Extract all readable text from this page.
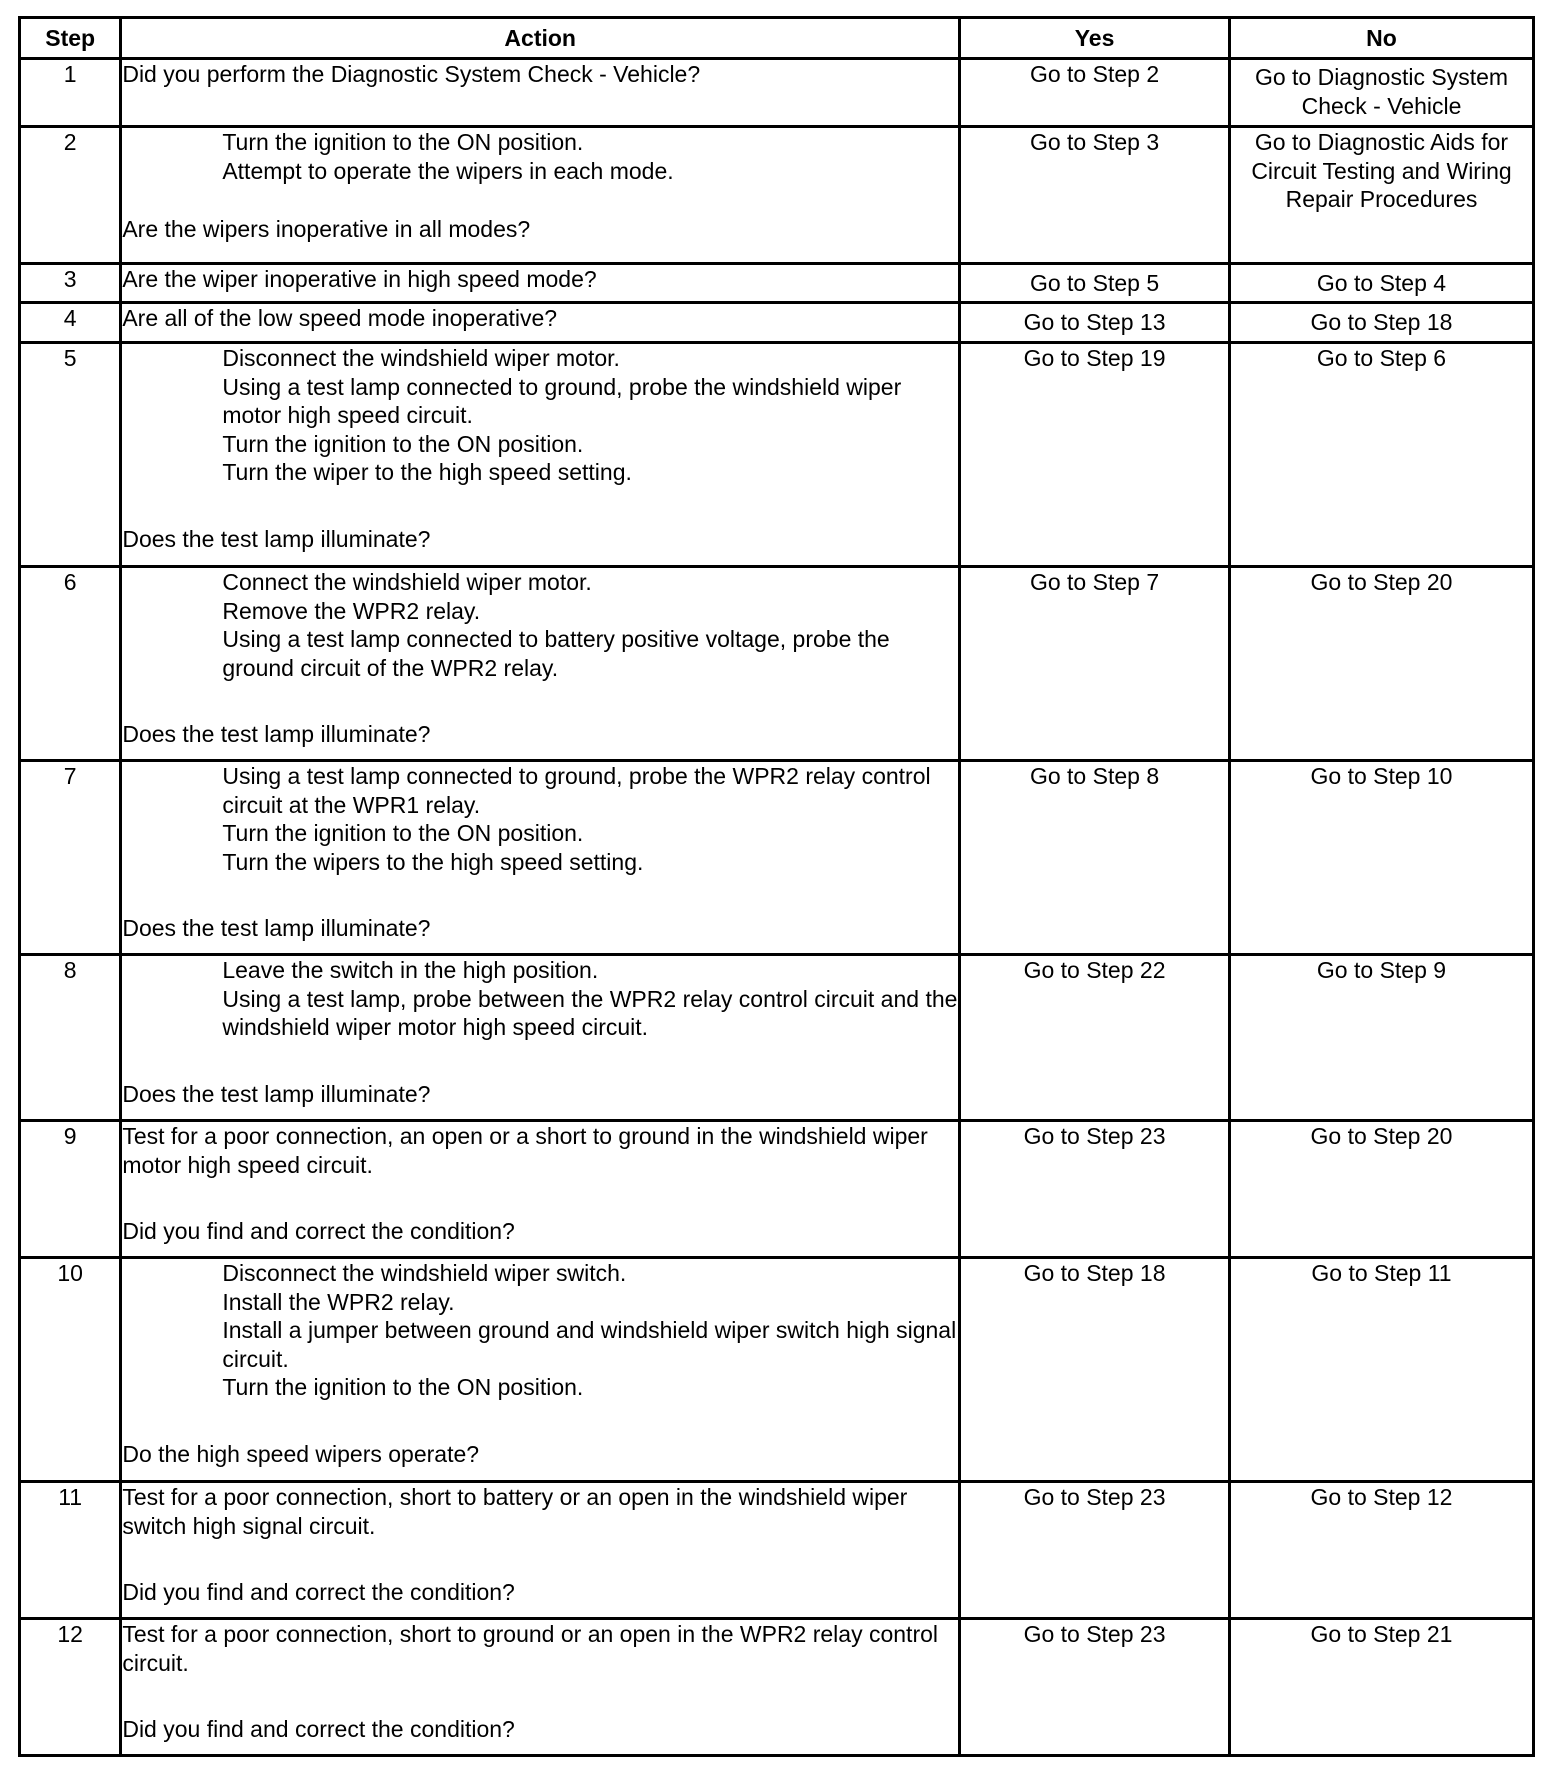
Step	Action	Yes	No
1	Did you perform the Diagnostic System Check - Vehicle?	Go to Step 2	Go to Diagnostic System Check - Vehicle
2	Turn the ignition to the ON position.
Attempt to operate the wipers in each mode.
Are the wipers inoperative in all modes?	Go to Step 3	Go to Diagnostic Aids for Circuit Testing and Wiring Repair Procedures
3	Are the wiper inoperative in high speed mode?	Go to Step 5	Go to Step 4
4	Are all of the low speed mode inoperative?	Go to Step 13	Go to Step 18
5	Disconnect the windshield wiper motor.
Using a test lamp connected to ground, probe the windshield wiper motor high speed circuit.
Turn the ignition to the ON position.
Turn the wiper to the high speed setting.
Does the test lamp illuminate?	Go to Step 19	Go to Step 6
6	Connect the windshield wiper motor.
Remove the WPR2 relay.
Using a test lamp connected to battery positive voltage, probe the ground circuit of the WPR2 relay.
Does the test lamp illuminate?	Go to Step 7	Go to Step 20
7	Using a test lamp connected to ground, probe the WPR2 relay control circuit at the WPR1 relay.
Turn the ignition to the ON position.
Turn the wipers to the high speed setting.
Does the test lamp illuminate?	Go to Step 8	Go to Step 10
8	Leave the switch in the high position.
Using a test lamp, probe between the WPR2 relay control circuit and the windshield wiper motor high speed circuit.
Does the test lamp illuminate?	Go to Step 22	Go to Step 9
9	Test for a poor connection, an open or a short to ground in the windshield wiper motor high speed circuit.
Did you find and correct the condition?	Go to Step 23	Go to Step 20
10	Disconnect the windshield wiper switch.
Install the WPR2 relay.
Install a jumper between ground and windshield wiper switch high signal circuit.
Turn the ignition to the ON position.
Do the high speed wipers operate?	Go to Step 18	Go to Step 11
11	Test for a poor connection, short to battery or an open in the windshield wiper switch high signal circuit.
Did you find and correct the condition?	Go to Step 23	Go to Step 12
12	Test for a poor connection, short to ground or an open in the WPR2 relay control circuit.
Did you find and correct the condition?	Go to Step 23	Go to Step 21
